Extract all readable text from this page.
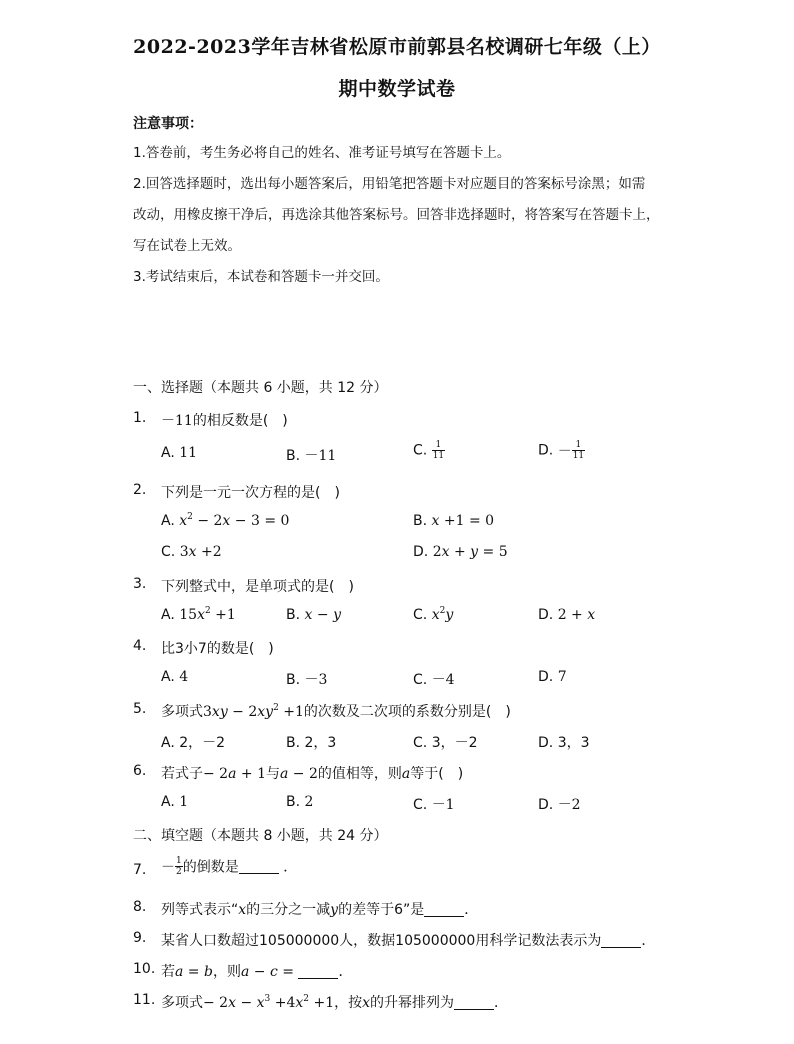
2022-2023学年吉林省松原市前郭县名校调研七年级（上）
期中数学试卷
注意事项：
1.答卷前，考生务必将自己的姓名、准考证号填写在答题卡上。
2.回答选择题时，选出每小题答案后，用铅笔把答题卡对应题目的答案标号涂黑；如需
改动，用橡皮擦干净后，再选涂其他答案标号。回答非选择题时，将答案写在答题卡上，
写在试卷上无效。
3.考试结束后，本试卷和答题卡一并交回。
一、选择题（本题共 6 小题，共 12 分）
1. －11的相反数是(　)
A. 11	B. －11	C. $\frac{1}{11}$	D. － $\frac{1}{11}$
2. 下列是一元一次方程的是(　)
A. $x^2 - 2x - 3 = 0$	B. x +1 = 0
C. 3x +2	D. 2x + y = 5
3. 下列整式中，是单项式的是(　)
A. $15x^2 +1$	B. x − y	C. $x^2y$	D. 2 + x
4. 比3小7的数是(　)
A. 4	B. －3	C. －4	D. 7
5. 多项式$3xy - 2xy^2 +1$的次数及二次项的系数分别是(　)
A. 2，－2	B. 2，3	C. 3，－2	D. 3，3
6. 若式子− 2a + 1与a − 2的值相等，则a等于(　)
A. 1	B. 2	C. －1	D. －2
二、填空题（本题共 8 小题，共 24 分）
7. － $\frac{1}{2}$ 的倒数是	．
8. 列等式表示“x的三分之一减y的差等于6”是	．
9. 某省人口数超过105000000人，数据105000000用科学记数法表示为	．
10. 若a = b，则a − c =	．
11. 多项式− $2x - x^3 +4x^2 +1$，按x的升幂排列为	．
